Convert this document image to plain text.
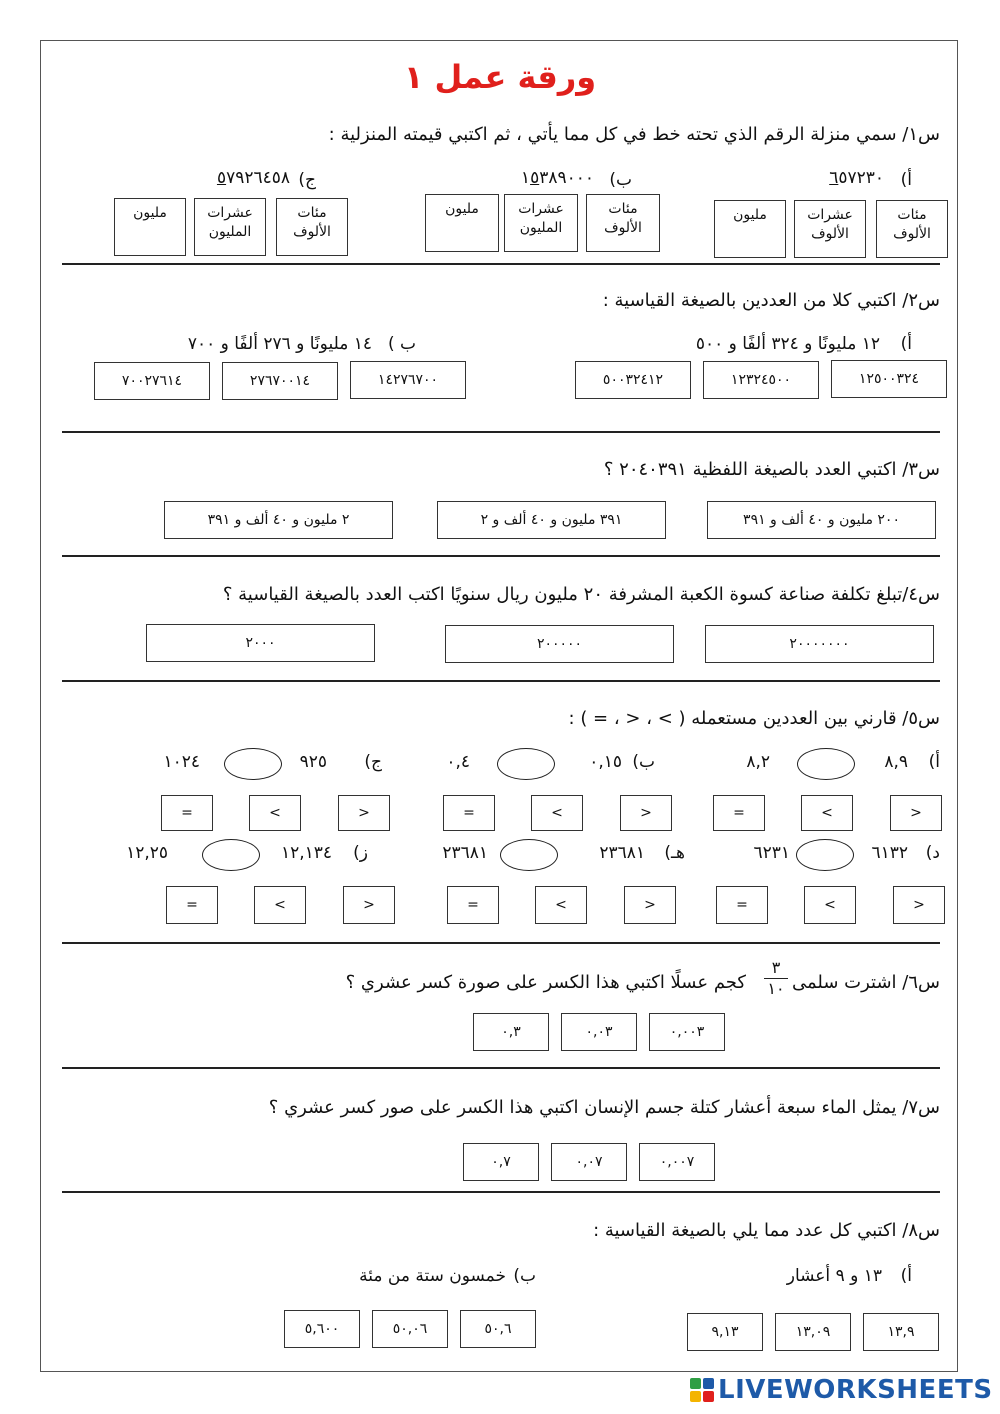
ورقة عمل ١
س١/ سمي منزلة الرقم الذي تحته خط في كل مما يأتي ، ثم اكتبي قيمته المنزلية :
أ)
٦٥٧٢٣٠
ب)
١٥٣٨٩٠٠٠
ج)
٥٧٩٢٦٤٥٨
مئات
الألوف
عشرات
الألوف
مليون
مئات
الألوف
عشرات
المليون
مليون
مئات
الألوف
عشرات
المليون
مليون
س٢/ اكتبي كلا من العددين بالصيغة القياسية :
أ)
١٢ مليونًا و ٣٢٤ ألفًا و ٥٠٠
ب )
١٤ مليونًا و ٢٧٦ ألفًا و ٧٠٠
١٢٥٠٠٣٢٤
١٢٣٢٤٥٠٠
٥٠٠٣٢٤١٢
١٤٢٧٦٧٠٠
٢٧٦٧٠٠١٤
٧٠٠٢٧٦١٤
س٣/ اكتبي العدد بالصيغة اللفظية ٢٠٤٠٣٩١ ؟
٢٠٠ مليون و ٤٠ ألف و ٣٩١
٣٩١ مليون و ٤٠ ألف و ٢
٢ مليون و ٤٠ ألف و ٣٩١
س٤/تبلغ تكلفة صناعة كسوة الكعبة المشرفة ٢٠ مليون ريال سنويًا اكتب العدد بالصيغة القياسية ؟
٢٠٠٠٠٠٠٠
٢٠٠٠٠٠
٢٠٠٠
س٥/ قارني بين العددين مستعمله ( > ، < ، = ) :
أ)
٨,٩
٨,٢
ب)
٠,١٥
٠,٤
ج)
٩٢٥
١٠٢٤
<
>
=
<
>
=
<
>
=
د)
٦١٣٢
٦٢٣١
هـ)
٢٣٦٨١
٢٣٦٨١
ز)
١٢,١٣٤
١٢,٢٥
<
>
=
<
>
=
<
>
=
س٦/ اشترت سلمى
٣
١٠
كجم عسلًا اكتبي هذا الكسر على صورة كسر عشري ؟
٠,٠٠٣
٠,٠٣
٠,٣
س٧/ يمثل الماء سبعة أعشار كتلة جسم الإنسان اكتبي هذا الكسر على صور كسر عشري ؟
٠,٠٠٧
٠,٠٧
٠,٧
س٨/ اكتبي كل عدد مما يلي بالصيغة القياسية :
أ)
١٣ و ٩ أعشار
ب)
خمسون ستة من مئة
١٣,٩
١٣,٠٩
٩,١٣
٥٠,٦
٥٠,٠٦
٥,٦٠٠
LIVEWORKSHEETS
